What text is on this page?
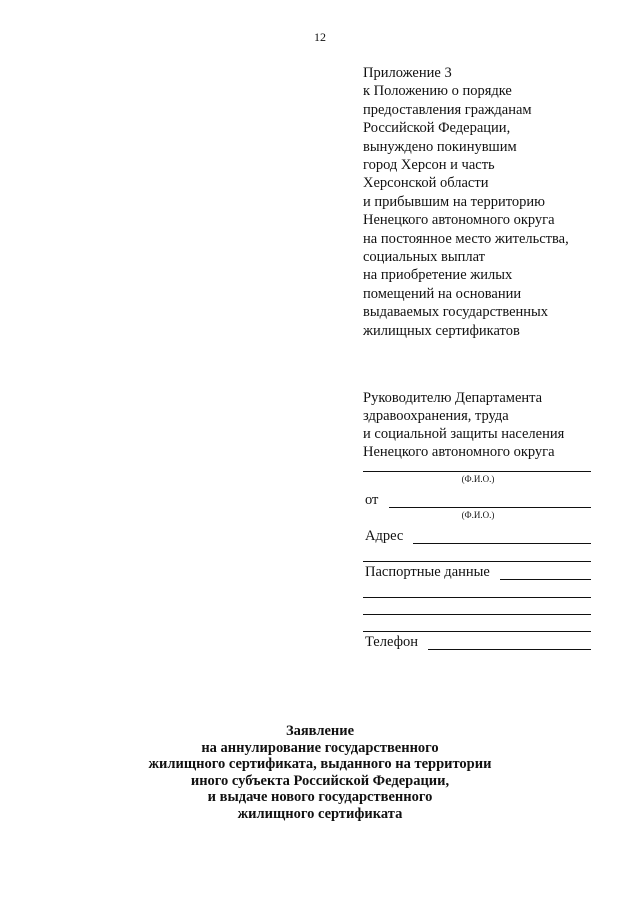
12
Приложение 3
к Положению о порядке
предоставления гражданам
Российской Федерации,
вынуждено покинувшим
город Херсон и часть
Херсонской области
и прибывшим на территорию
Ненецкого автономного округа
на постоянное место жительства,
социальных выплат
на приобретение жилых
помещений на основании
выдаваемых государственных
жилищных сертификатов
Руководителю Департамента
здравоохранения, труда
и социальной защиты населения
Ненецкого автономного округа
(Ф.И.О.)
от
(Ф.И.О.)
Адрес
Паспортные данные
Телефон
Заявление
на аннулирование государственного
жилищного сертификата, выданного на территории
иного субъекта Российской Федерации,
и выдаче нового государственного
жилищного сертификата
